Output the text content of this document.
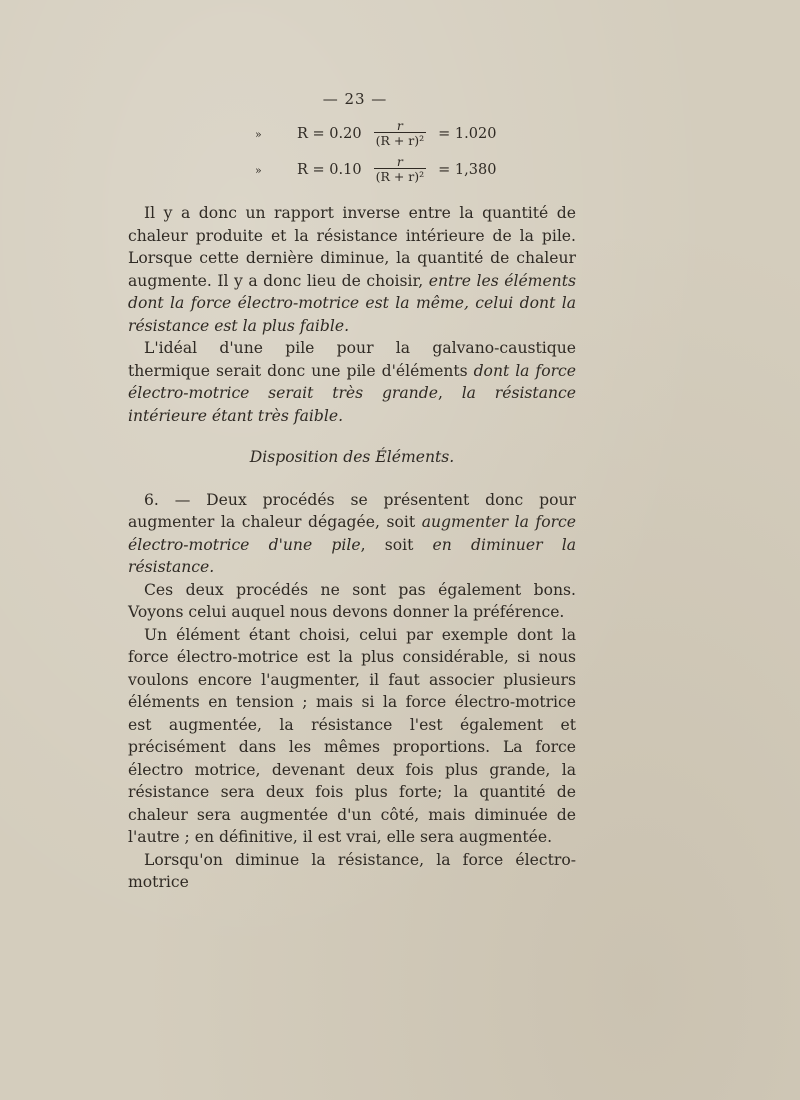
— 23 —
»	$R = 0.20 \frac{r}{\text{(R + r)²}} = 1.020$
»	$R = 0.10 \frac{r}{\text{(R + r)²}} = 1,380$

Il y a donc un rapport inverse entre la quantité de chaleur produite et la résistance intérieure de la pile. Lorsque cette dernière diminue, la quantité de chaleur augmente. Il y a donc lieu de choisir, entre les éléments dont la force électro-motrice est la même, celui dont la résistance est la plus faible.

L'idéal d'une pile pour la galvano-caustique thermique serait donc une pile d'éléments dont la force électro-motrice serait très grande, la résistance intérieure étant très faible.

Disposition des Éléments.

6. — Deux procédés se présentent donc pour augmenter la chaleur dégagée, soit augmenter la force électro-motrice d'une pile, soit en diminuer la résistance.

Ces deux procédés ne sont pas également bons. Voyons celui auquel nous devons donner la préférence.

Un élément étant choisi, celui par exemple dont la force électro-motrice est la plus considérable, si nous voulons encore l'augmenter, il faut associer plusieurs éléments en tension ; mais si la force électro-motrice est augmentée, la résistance l'est également et précisément dans les mêmes proportions. La force électro motrice, devenant deux fois plus grande, la résistance sera deux fois plus forte; la quantité de chaleur sera augmentée d'un côté, mais diminuée de l'autre ; en définitive, il est vrai, elle sera augmentée.

Lorsqu'on diminue la résistance, la force électro-motrice
